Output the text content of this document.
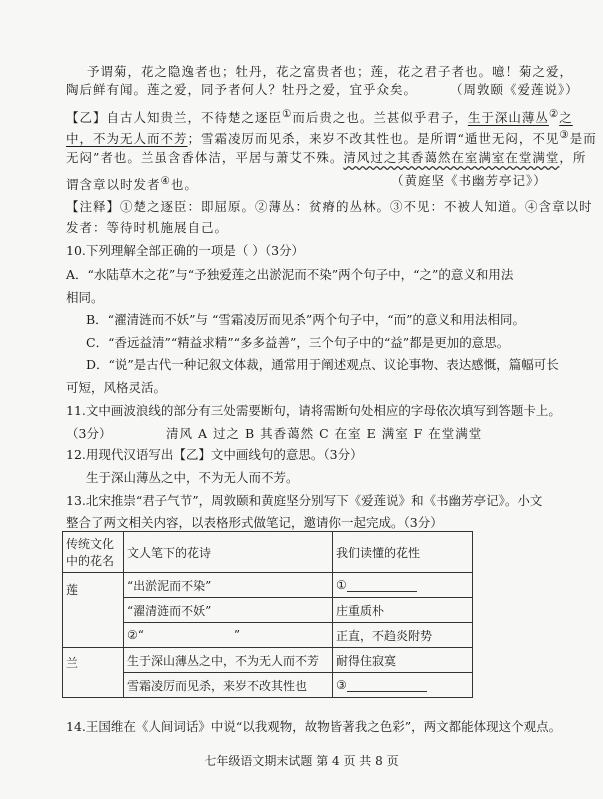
予谓菊，花之隐逸者也；牡丹，花之富贵者也；莲，花之君子者也。噫！菊之爱，
陶后鲜有闻。莲之爱，同予者何人？牡丹之爱，宜乎众矣。	（周敦颐《爱莲说》）
【乙】自古人知贵兰，不待楚之逐臣①而后贵之也。兰甚似乎君子，生于深山薄丛②之
中，不为无人而不芳；雪霜凌厉而见杀，来岁不改其性也。是所谓“遁世无闷，不见③是而
无闷”者也。兰虽含香体洁，平居与萧艾不殊。清风过之其香蔼然在室满室在堂满堂，所
谓含章以时发者④也。	（黄庭坚《书幽芳亭记》）
【注释】①楚之逐臣：即屈原。②薄丛：贫瘠的丛林。③不见：不被人知道。④含章以时
发者：等待时机施展自己。
10.下列理解全部正确的一项是（ ）（3分）
A．“水陆草木之花”与“予独爱莲之出淤泥而不染”两个句子中，“之”的意义和用法
相同。
B．“濯清涟而不妖”与 “雪霜凌厉而见杀”两个句子中，“而”的意义和用法相同。
C．“香远益清”“精益求精”“多多益善”，三个句子中的“益”都是更加的意思。
D．“说”是古代一种记叙文体裁，通常用于阐述观点、议论事物、表达感慨，篇幅可长
可短，风格灵活。
11.文中画波浪线的部分有三处需要断句，请将需断句处相应的字母依次填写到答题卡上。
（3分）	清风 A 过之 B 其香蔼然 C 在室 E 满室 F 在堂满堂
12.用现代汉语写出【乙】文中画线句的意思。（3分）
生于深山薄丛之中，不为无人而不芳。
13.北宋推崇“君子气节”，周敦颐和黄庭坚分别写下《爱莲说》和《书幽芳亭记》。小文
整合了两文相关内容，以表格形式做笔记，邀请你一起完成。（3分）
传统文化
中的花名	文人笔下的花诗	我们读懂的花性
莲	“出淤泥而不染”	①
	“濯清涟而不妖”	庄重质朴
	②“ ”	正直，不趋炎附势
兰	生于深山薄丛之中，不为无人而不芳	耐得住寂寞
	雪霜凌厉而见杀，来岁不改其性也	③
14.王国维在《人间词话》中说“以我观物，故物皆著我之色彩”，两文都能体现这个观点。
七年级语文期末试题 第 4 页 共 8 页
